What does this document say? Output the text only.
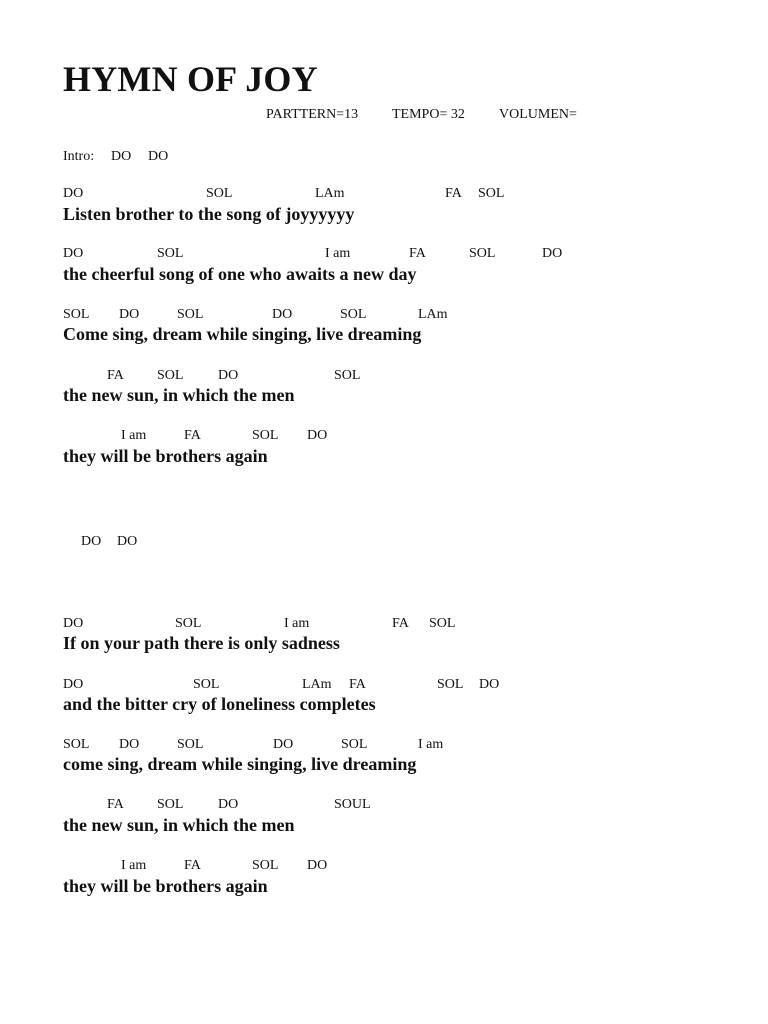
HYMN OF JOY
PARTTERN=13 TEMPO= 32 VOLUMEN=
Intro: DO DO
DO	SOL	LAm	FA SOL
Listen brother to the song of joyyyyyy
DO	SOL	I am	FA	SOL	DO
the cheerful song of one who awaits a new day
SOL DO	SOL	DO	SOL	LAm
Come sing, dream while singing, live dreaming
FA SOL DO	SOL
the new sun, in which the men
I am	FA	SOL DO
they will be brothers again
DO DO
DO	SOL	I am	FA SOL
If on your path there is only sadness
DO	SOL	LAm FA	SOL DO
and the bitter cry of loneliness completes
SOL DO	SOL	DO	SOL	I am
come sing, dream while singing, live dreaming
FA SOL DO	SOUL
the new sun, in which the men
I am	FA	SOL DO
they will be brothers again
